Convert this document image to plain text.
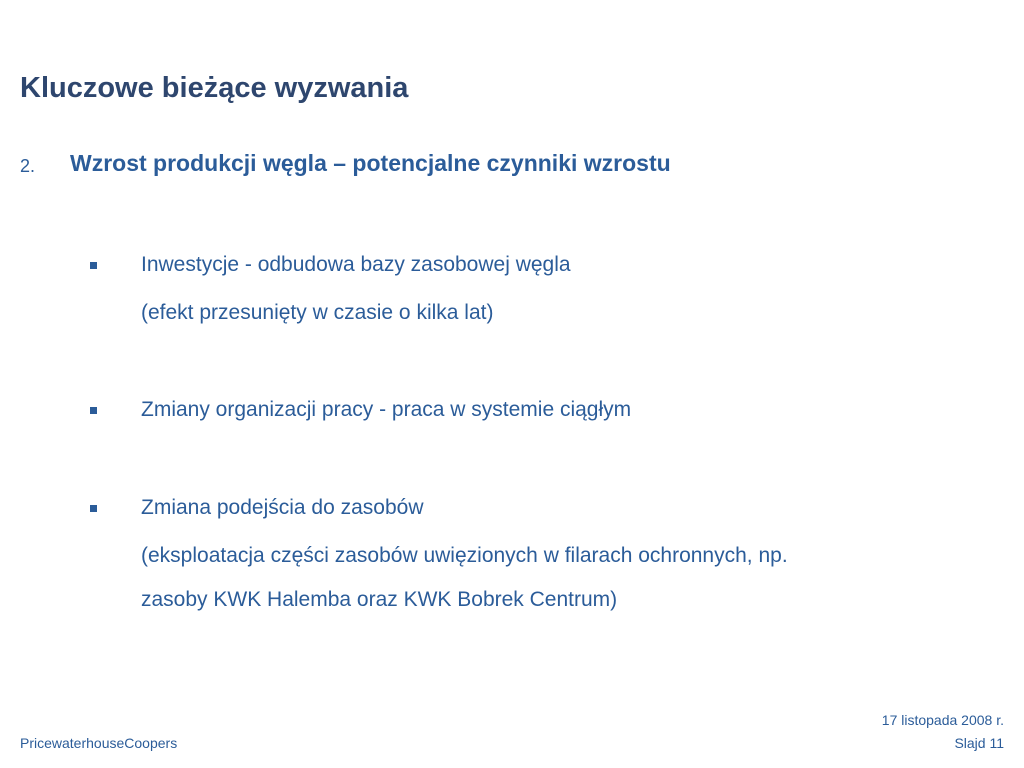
Kluczowe bieżące wyzwania
2. Wzrost produkcji węgla – potencjalne czynniki wzrostu
Inwestycje - odbudowa bazy zasobowej węgla
(efekt przesunięty w czasie o kilka lat)
Zmiany organizacji pracy - praca w systemie ciągłym
Zmiana podejścia do zasobów
(eksploatacja części zasobów uwięzionych w filarach ochronnych, np.
zasoby KWK Halemba oraz KWK Bobrek Centrum)
PricewaterhouseCoopers
17 listopada 2008 r.
Slajd 11
